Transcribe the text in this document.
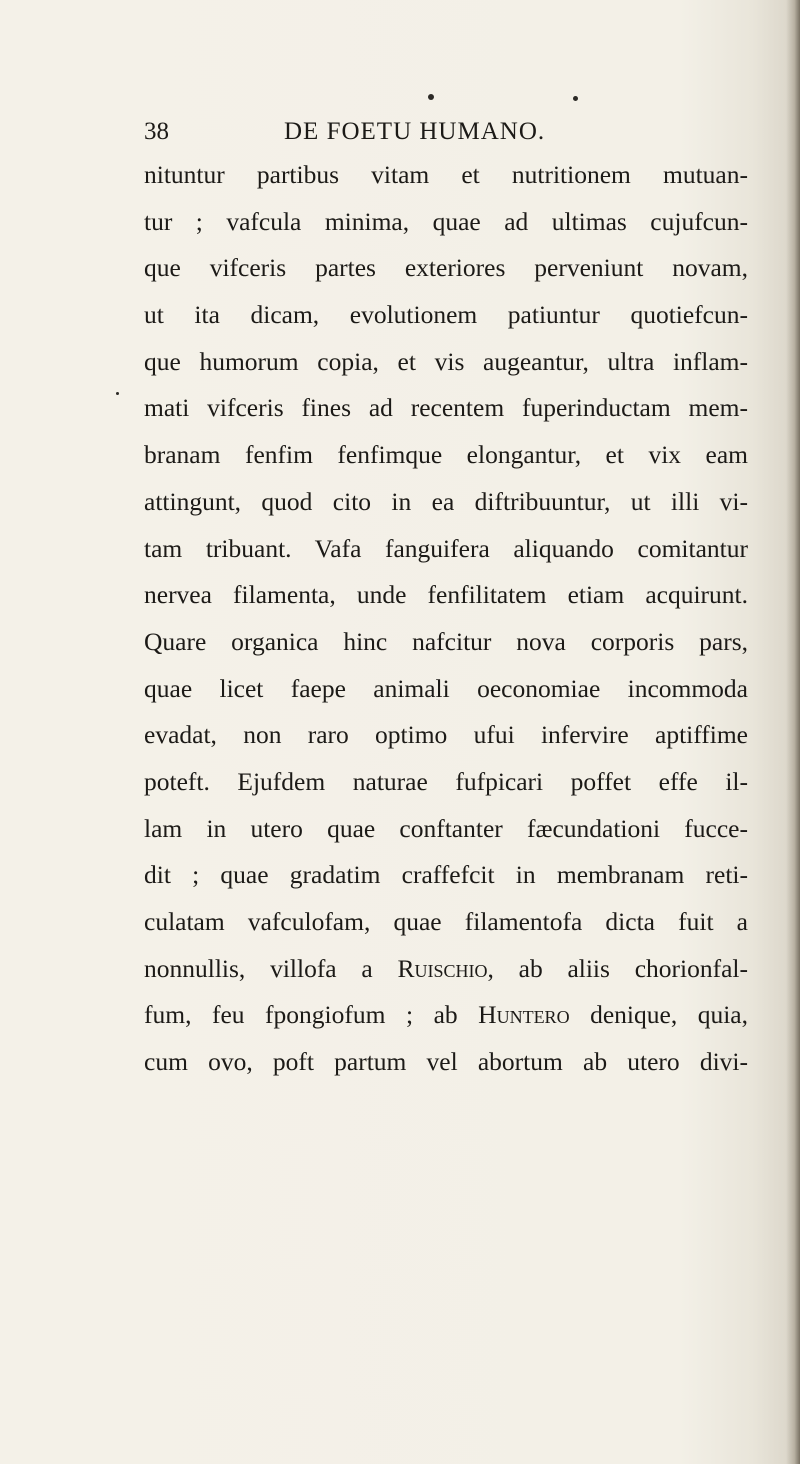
38	DE FOETU HUMANO.
nituntur partibus vitam et nutritionem mutuan-
tur ; vafcula minima, quae ad ultimas cujufcun-
que vifceris partes exteriores perveniunt novam,
ut ita dicam, evolutionem patiuntur quotiefcun-
que humorum copia, et vis augeantur, ultra inflam-
mati vifceris fines ad recentem fuperinductam mem-
branam fenfim fenfimque elongantur, et vix eam
attingunt, quod cito in ea diftribuuntur, ut illi vi-
tam tribuant. Vafa fanguifera aliquando comitantur
nervea filamenta, unde fenfilitatem etiam acquirunt.
Quare organica hinc nafcitur nova corporis pars,
quae licet faepe animali oeconomiae incommoda
evadat, non raro optimo ufui infervire aptiffime
poteft. Ejufdem naturae fufpicari poffet effe il-
lam in utero quae conftanter fæcundationi fucce-
dit ; quae gradatim craffefcit in membranam reti-
culatam vafculofam, quae filamentofa dicta fuit a
nonnullis, villofa a Ruischio, ab aliis chorionfal-
fum, feu fpongiofum ; ab Huntero denique, quia,
cum ovo, poft partum vel abortum ab utero divi-
